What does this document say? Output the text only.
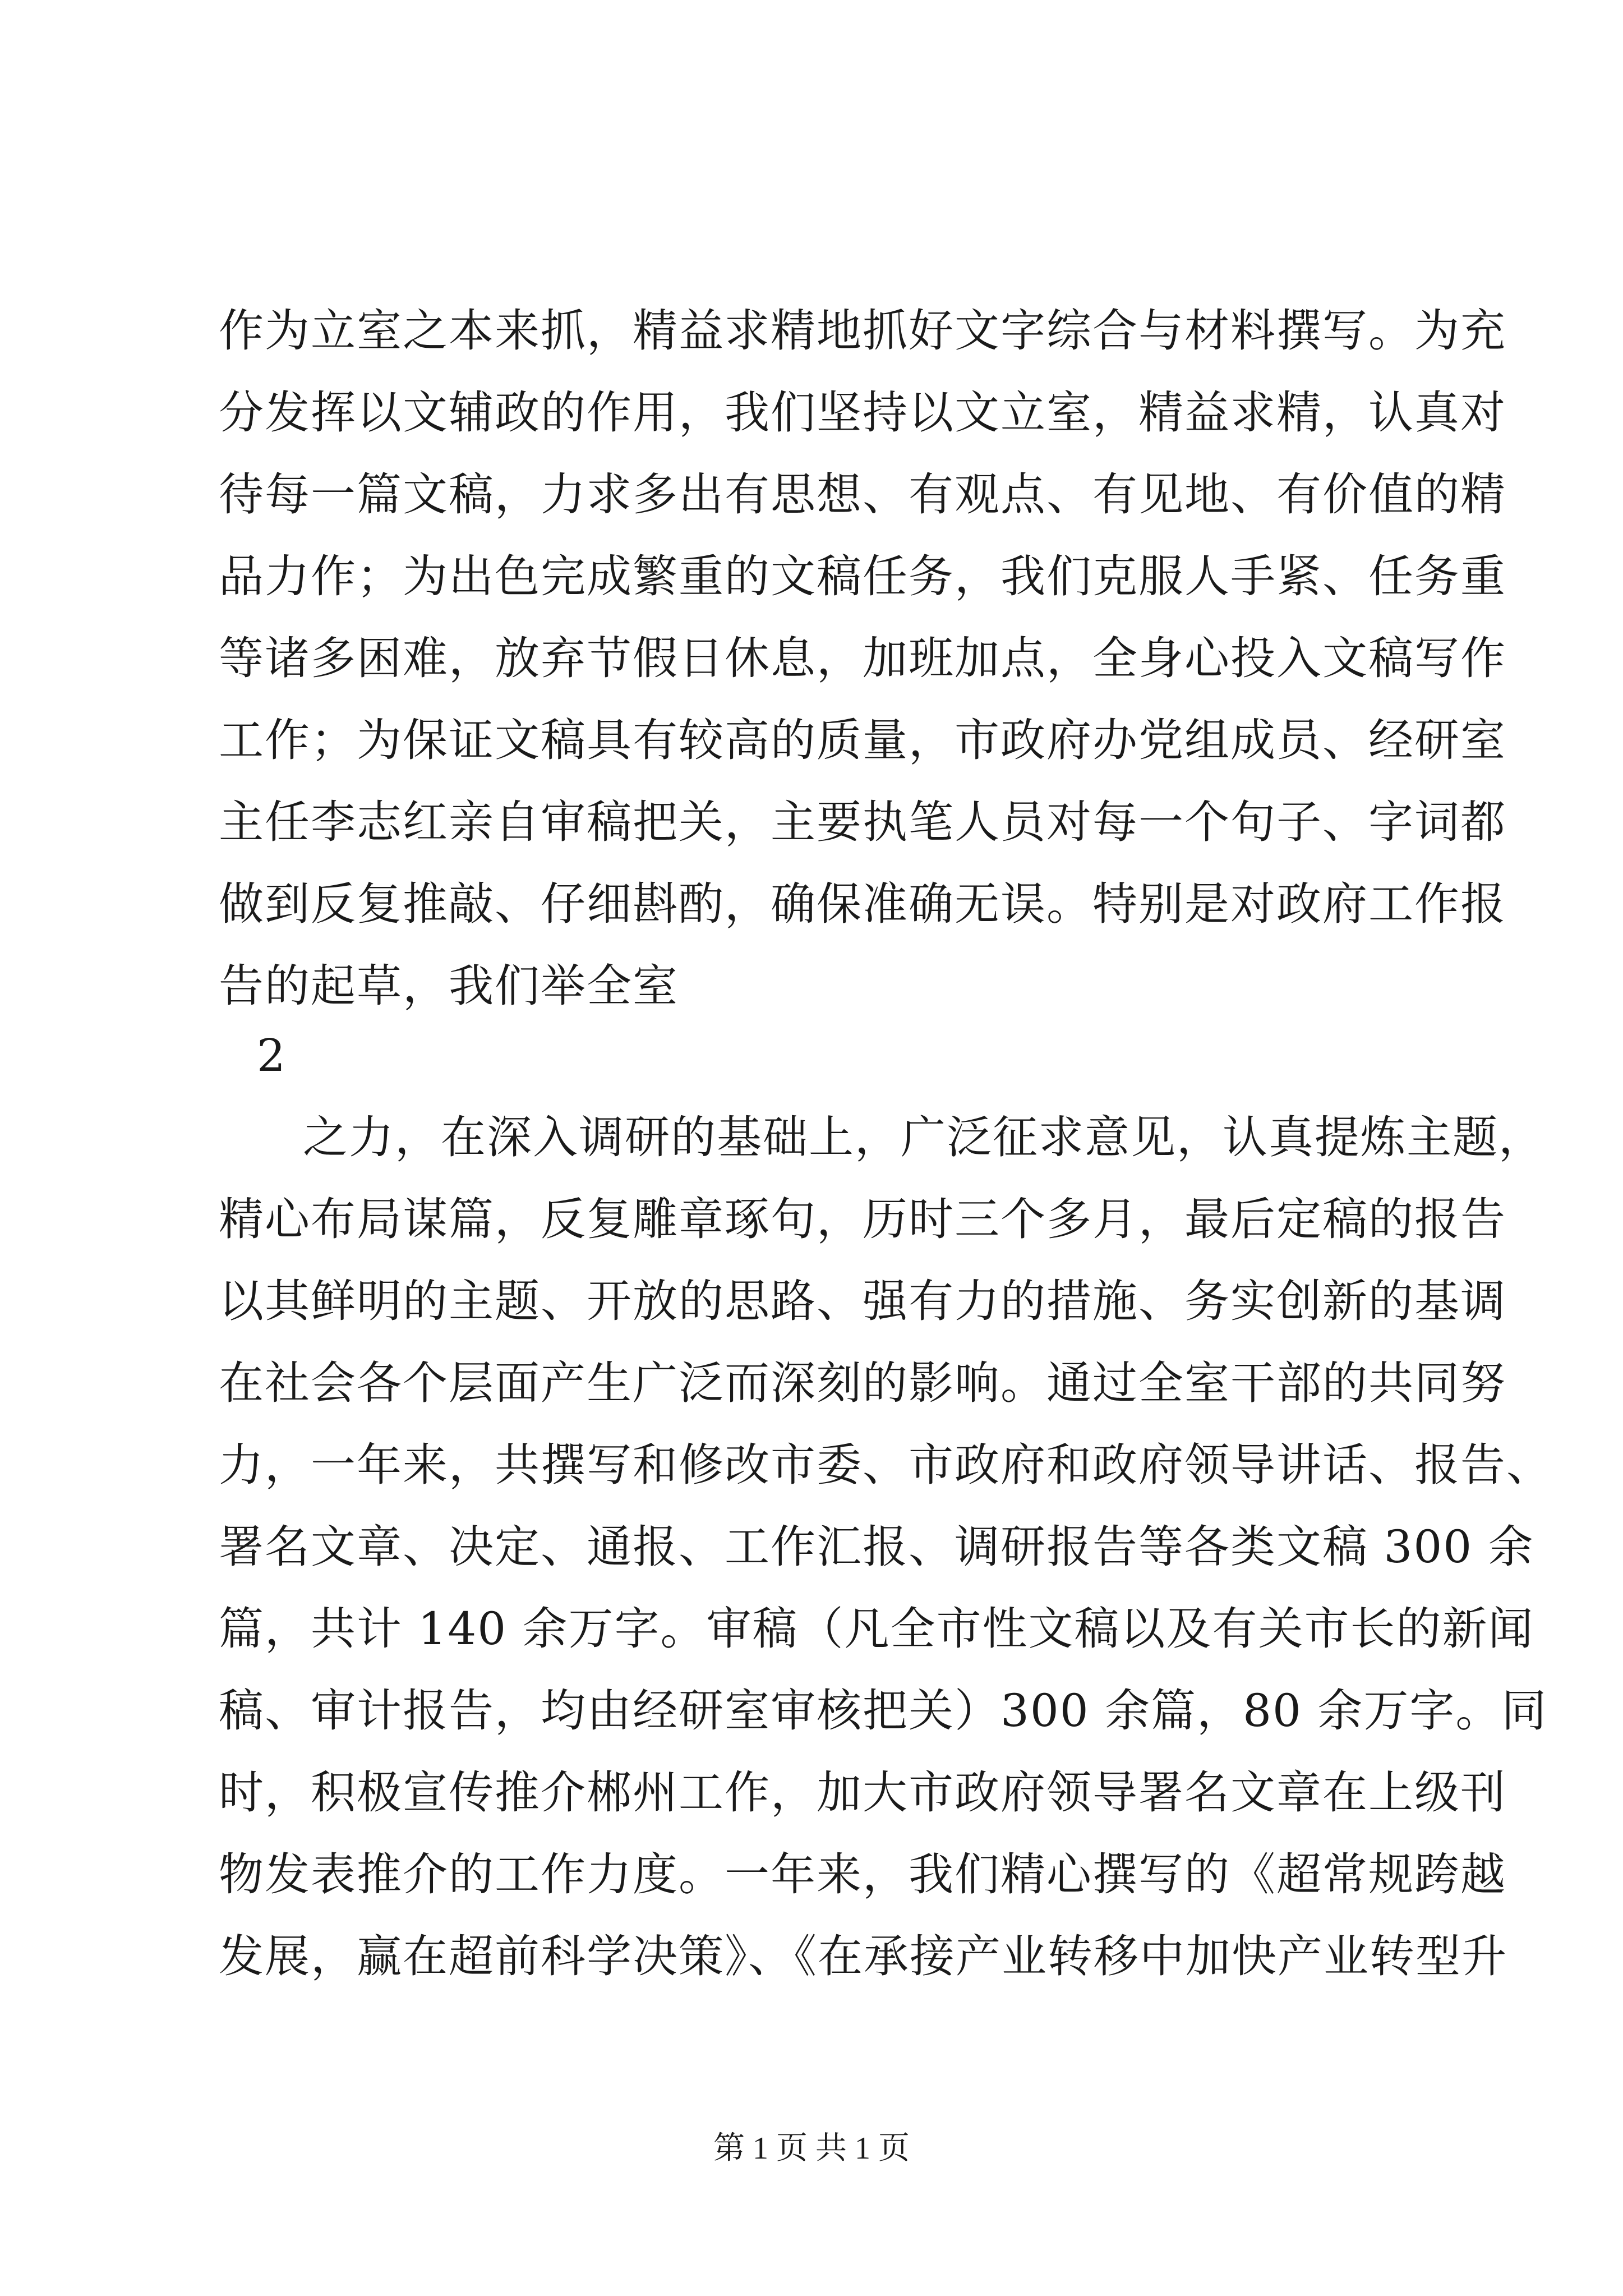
作为立室之本来抓，精益求精地抓好文字综合与材料撰写。为充
分发挥以文辅政的作用，我们坚持以文立室，精益求精，认真对
待每一篇文稿，力求多出有思想、有观点、有见地、有价值的精
品力作；为出色完成繁重的文稿任务，我们克服人手紧、任务重
等诸多困难，放弃节假日休息，加班加点，全身心投入文稿写作
工作；为保证文稿具有较高的质量，市政府办党组成员、经研室
主任李志红亲自审稿把关，主要执笔人员对每一个句子、字词都
做到反复推敲、仔细斟酌，确保准确无误。特别是对政府工作报
告的起草，我们举全室
2
之力，在深入调研的基础上，广泛征求意见，认真提炼主题，
精心布局谋篇，反复雕章琢句，历时三个多月，最后定稿的报告
以其鲜明的主题、开放的思路、强有力的措施、务实创新的基调
在社会各个层面产生广泛而深刻的影响。通过全室干部的共同努
力，一年来，共撰写和修改市委、市政府和政府领导讲话、报告、
署名文章、决定、通报、工作汇报、调研报告等各类文稿 300 余
篇，共计 140 余万字。审稿（凡全市性文稿以及有关市长的新闻
稿、审计报告，均由经研室审核把关）300 余篇，80 余万字。同
时，积极宣传推介郴州工作，加大市政府领导署名文章在上级刊
物发表推介的工作力度。一年来，我们精心撰写的《超常规跨越
发展，赢在超前科学决策》、《在承接产业转移中加快产业转型升
第 1 页 共 1 页
